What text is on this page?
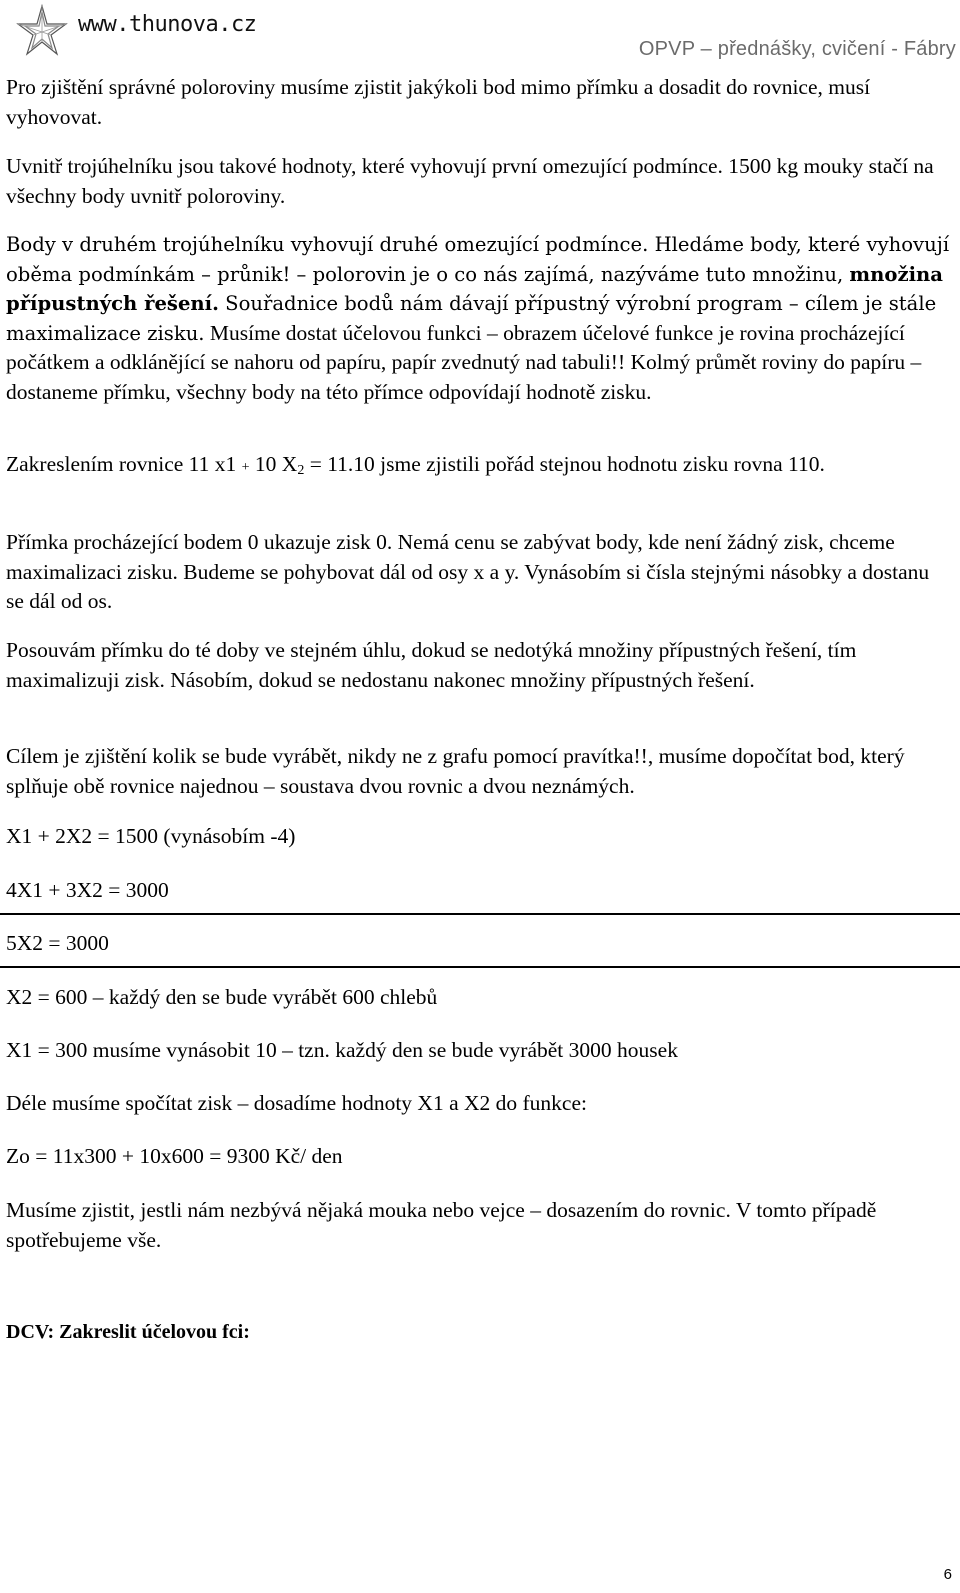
www.thunova.cz
OPVP – přednášky, cvičení - Fábry

Pro zjištění správné poloroviny musíme zjistit jakýkoli bod mimo přímku a dosadit do rovnice, musí vyhovovat.

Uvnitř trojúhelníku jsou takové hodnoty, které vyhovují první omezující podmínce. 1500 kg mouky stačí na všechny body uvnitř poloroviny.

Body v druhém trojúhelníku vyhovují druhé omezující podmínce. Hledáme body, které vyhovují oběma podmínkám – průnik! – polorovin je o co nás zajímá, nazýváme tuto množinu, množina přípustných řešení. Souřadnice bodů nám dávají přípustný výrobní program – cílem je stále maximalizace zisku. Musíme dostat účelovou funkci – obrazem účelové funkce je rovina procházející počátkem a odklánějící se nahoru od papíru, papír zvednutý nad tabuli!! Kolmý průmět roviny do papíru – dostaneme přímku, všechny body na této přímce odpovídají hodnotě zisku.

Zakreslením rovnice 11 x1 + 10 $X_2 = 11.10$ jsme zjistili pořád stejnou hodnotu zisku rovna 110.

Přímka procházející bodem 0 ukazuje zisk 0. Nemá cenu se zabývat body, kde není žádný zisk, chceme maximalizaci zisku. Budeme se pohybovat dál od osy x a y. Vynásobím si čísla stejnými násobky a dostanu se dál od os.

Posouvám přímku do té doby ve stejném úhlu, dokud se nedotýká množiny přípustných řešení, tím maximalizuji zisk. Násobím, dokud se nedostanu nakonec množiny přípustných řešení.

Cílem je zjištění kolik se bude vyrábět, nikdy ne z grafu pomocí pravítka!!, musíme dopočítat bod, který splňuje obě rovnice najednou – soustava dvou rovnic a dvou neznámých.

X1 + 2X2 = 1500 (vynásobím -4)

4X1 + 3X2 = 3000

5X2 = 3000

X2 = 600 – každý den se bude vyrábět 600 chlebů

X1 = 300 musíme vynásobit 10 – tzn. každý den se bude vyrábět 3000 housek

Déle musíme spočítat zisk – dosadíme hodnoty X1 a X2 do funkce:

Zo = 11x300 + 10x600 = 9300 Kč/ den

Musíme zjistit, jestli nám nezbývá nějaká mouka nebo vejce – dosazením do rovnic. V tomto případě spotřebujeme vše.

DCV: Zakreslit účelovou fci:

6
